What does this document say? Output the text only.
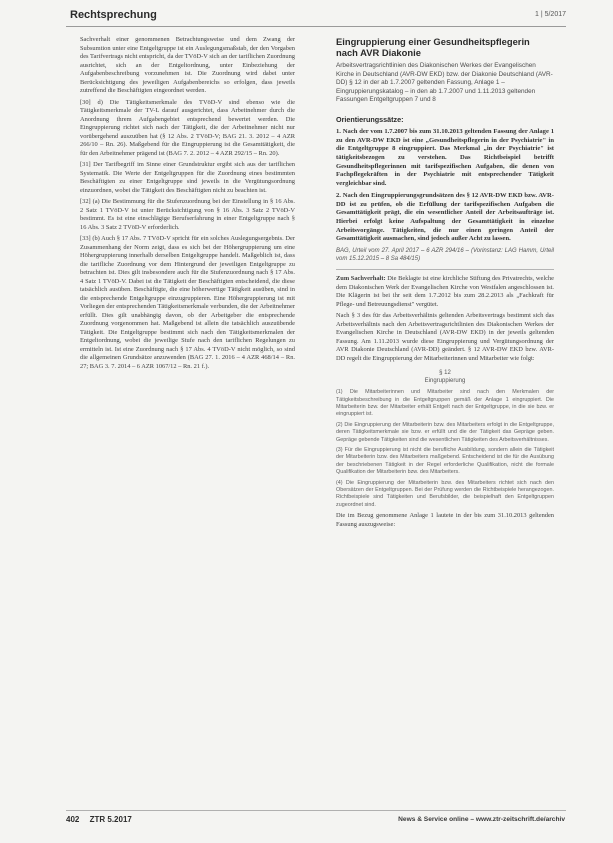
Rechtsprechung	1 | 5/2017

Sachverhalt einer genommenen Betrachtungsweise und dem Zwang der Subsumtion unter eine Entgeltgruppe ist ein Auslegungsmaßstab, der den Vorgaben des Tarifvertrags nicht entspricht, da der TVöD-V sich an der tariflichen Zuordnung ausrichtet, sich an der Entgeltordnung, unter Einbeziehung der Aufgabenbeschreibung vorzunehmen ist. Die Zuordnung wird dabei unter Berücksichtigung des jeweiligen Aufgabenbereichs so erfolgen, dass jeweils zutreffend die Beschäftigten eingeordnet werden.

[30] d) Die Tätigkeitsmerkmale des TVöD-V sind ebenso wie die Tätigkeitsmerkmale der TV-L darauf ausgerichtet, dass Arbeitnehmer durch die Anordnung ihrem Aufgabengebiet entsprechend bewertet werden. Die Eingruppierung richtet sich nach der Tätigkeit, die der Arbeitnehmer nicht nur vorübergehend auszuüben hat (§ 12 Abs. 2 TVöD-V; BAG 21. 3. 2012 – 4 AZR 266/10 – Rn. 26). Maßgebend für die Eingruppierung ist die Gesamttätigkeit, die für den Arbeitnehmer prägend ist (BAG 7. 2. 2012 – 4 AZR 292/15 – Rn. 20).

[31] Der Tarifbegriff im Sinne einer Grundstruktur ergibt sich aus der tariflichen Systematik. Die Werte der Entgeltgruppen für die Zuordnung eines bestimmten Beschäftigten zu einer Entgeltgruppe sind jeweils in die Vergütungsordnung einzuordnen, wobei die Tätigkeit des Beschäftigten nicht zu beachten ist.

[32] (a) Die Bestimmung für die Stufenzuordnung bei der Einstellung in § 16 Abs. 2 Satz 1 TVöD-V ist unter Berücksichtigung von § 16 Abs. 3 Satz 2 TVöD-V bestimmt. Es ist eine einschlägige Berufserfahrung in einer Entgeltgruppe nach § 16 Abs. 3 Satz 2 TVöD-V erforderlich.

[33] (b) Auch § 17 Abs. 7 TVöD-V spricht für ein solches Auslegungsergebnis. Der Zusammenhang der Norm zeigt, dass es sich bei der Höhergruppierung um eine Höhergruppierung innerhalb derselben Entgeltgruppe handelt. Maßgeblich ist, dass die tarifliche Zuordnung vor dem Hintergrund der jeweiligen Entgeltgruppe zu betrachten ist. Dies gilt insbesondere auch für die Stufenzuordnung nach § 17 Abs. 4 Satz 1 TVöD-V. Dabei ist die Tätigkeit der Beschäftigten entscheidend, die diese tatsächlich ausüben. Beschäftigte, die eine höherwertige Tätigkeit ausüben, sind in die entsprechende Entgeltgruppe einzugruppieren. Eine Höhergruppierung ist mit Vorliegen der entsprechenden Tätigkeitsmerkmale verbunden, die der Arbeitnehmer erfüllt. Dies gilt unabhängig davon, ob der Arbeitgeber die entsprechende Zuordnung vorgenommen hat. Maßgebend ist allein die tatsächlich auszuübende Tätigkeit. Die Entgeltgruppe bestimmt sich nach den Tätigkeitsmerkmalen der Entgeltordnung, wobei die jeweilige Stufe nach den tariflichen Regelungen zu ermitteln ist. Ist eine Zuordnung nach § 17 Abs. 4 TVöD-V nicht möglich, so sind die allgemeinen Grundsätze anzuwenden (BAG 27. 1. 2016 – 4 AZR 468/14 – Rn. 27; BAG 3. 7. 2014 – 6 AZR 1067/12 – Rn. 21 f.).

Eingruppierung einer Gesundheitspflegerin nach AVR Diakonie
Arbeitsvertragsrichtlinien des Diakonischen Werkes der Evangelischen Kirche in Deutschland (AVR-DW EKD) bzw. der Diakonie Deutschland (AVR-DD) § 12 in der ab 1.7.2007 geltenden Fassung, Anlage 1 – Eingruppierungskatalog – in den ab 1.7.2007 und 1.11.2013 geltenden Fassungen Entgeltgruppen 7 und 8
Orientierungssätze:

1. Nach der vom 1.7.2007 bis zum 31.10.2013 geltenden Fassung der Anlage 1 zu den AVR-DW EKD ist eine „Gesundheitspflegerin in der Psychiatrie" in die Entgeltgruppe 8 eingruppiert. Das Merkmal „in der Psychiatrie" ist tätigkeitsbezogen zu verstehen. Das Richtbeispiel betrifft Gesundheitspflegerinnen mit tarifspezifischen Aufgaben, die denen von Fachpflegekräften in der Psychiatrie mit entsprechender Tätigkeit vergleichbar sind.

2. Nach den Eingruppierungsgrundsätzen des § 12 AVR-DW EKD bzw. AVR-DD ist zu prüfen, ob die Erfüllung der tarifspezifischen Aufgaben die Gesamttätigkeit prägt, die ein wesentlicher Anteil der Arbeitsaufträge ist. Hierbei erfolgt keine Aufspaltung der Gesamttätigkeit in einzelne Arbeitsvorgänge. Tätigkeiten, die nur einen geringen Anteil der Gesamttätigkeit ausmachen, sind jedoch außer Acht zu lassen.

BAG, Urteil vom 27. April 2017 – 6 AZR 294/16 – (Vorinstanz: LAG Hamm, Urteil vom 15.12.2015 – 8 Sa 484/15)

Zum Sachverhalt: Die Beklagte ist eine kirchliche Stiftung des Privatrechts, welche dem Diakonischen Werk der Evangelischen Kirche von Westfalen angeschlossen ist. Die Klägerin ist bei ihr seit dem 1.7.2012 bis zum 28.2.2013 als „Fachkraft für Pflege- und Betreuungsdienst" vergütet.

Nach § 3 des für das Arbeitsverhältnis geltenden Arbeitsvertrags bestimmt sich das Arbeitsverhältnis nach den Arbeitsvertragsrichtlinien des Diakonischen Werkes der Evangelischen Kirche in Deutschland (AVR-DW EKD) in der jeweils geltenden Fassung. Am 1.11.2013 wurde diese Eingruppierung und Vergütungsordnung der AVR Diakonie Deutschland (AVR-DD) geändert. § 12 AVR-DW EKD bzw. AVR-DD regelt die Eingruppierung der Mitarbeiterinnen und Mitarbeiter wie folgt:

§ 12
Eingruppierung

(1) Die Mitarbeiterinnen und Mitarbeiter sind nach den Merkmalen der Tätigkeitsbeschreibung in die Entgeltgruppen gemäß der Anlage 1 eingruppiert. Die Mitarbeiterin bzw. der Mitarbeiter erhält Entgelt nach der Entgeltgruppe, in die sie bzw. er eingruppiert ist.

(2) Die Eingruppierung der Mitarbeiterin bzw. des Mitarbeiters erfolgt in die Entgeltgruppe, deren Tätigkeitsmerkmale sie bzw. er erfüllt und die der Tätigkeit das Gepräge geben. Gepräge gebende Tätigkeiten sind die wesentlichen Tätigkeiten des Arbeitsverhältnisses.

(3) Für die Eingruppierung ist nicht die berufliche Ausbildung, sondern allein die Tätigkeit der Mitarbeiterin bzw. des Mitarbeiters maßgebend. Entscheidend ist die für die Ausübung der beschriebenen Tätigkeit in der Regel erforderliche Qualifikation, nicht die formale Qualifikation der Mitarbeiterin bzw. des Mitarbeiters.

(4) Die Eingruppierung der Mitarbeiterin bzw. des Mitarbeiters richtet sich nach den Obersätzen der Entgeltgruppen. Bei der Prüfung werden die Richtbeispiele herangezogen. Richtbeispiele sind Tätigkeiten und Berufsbilder, die beispielhaft den Entgeltgruppen zugeordnet sind.

Die im Bezug genommene Anlage 1 lautete in der bis zum 31.10.2013 geltenden Fassung auszugsweise:

402 ZTR 5.2017	News & Service online – www.ztr-zeitschrift.de/archiv
